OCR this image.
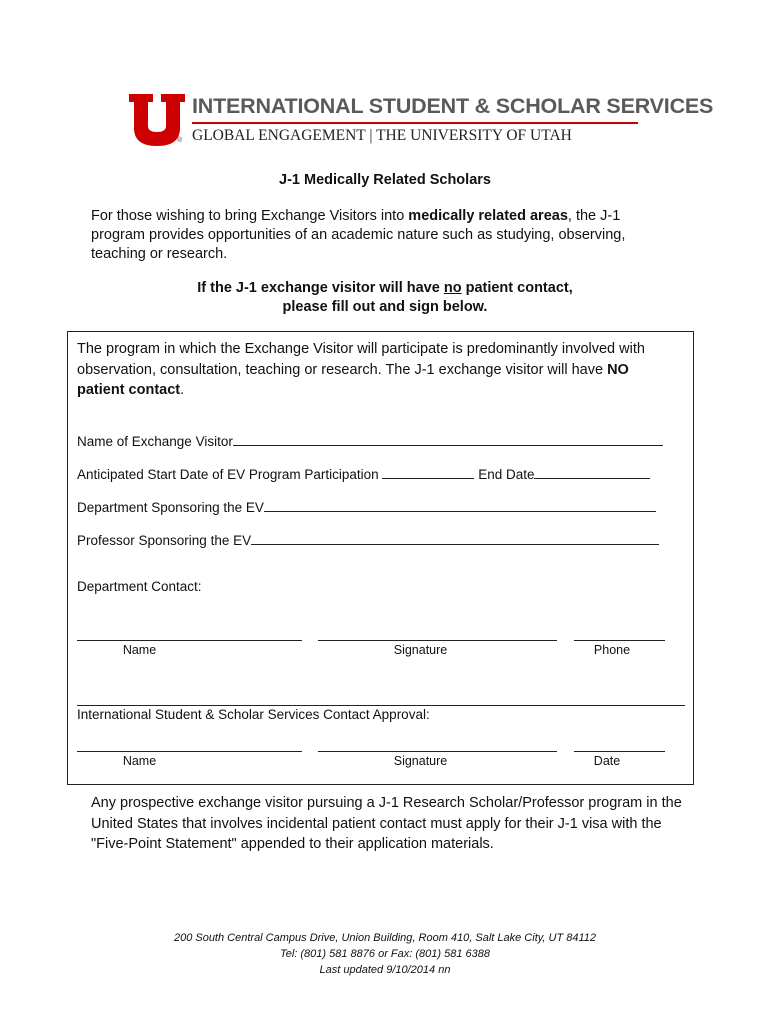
®
INTERNATIONAL STUDENT & SCHOLAR SERVICES
GLOBAL ENGAGEMENT | THE UNIVERSITY OF UTAH
J-1 Medically Related Scholars
For those wishing to bring Exchange Visitors into medically related areas, the J-1 program provides opportunities of an academic nature such as studying, observing, teaching or research.
If the J-1 exchange visitor will have no patient contact,
please fill out and sign below.
The program in which the Exchange Visitor will participate is predominantly involved with observation, consultation, teaching or research. The J-1 exchange visitor will have NO
patient contact.
Name of Exchange Visitor
Anticipated Start Date of EV Program Participation	End Date
Department Sponsoring the EV
Professor Sponsoring the EV
Department Contact:
Name	Signature	Phone
International Student & Scholar Services Contact Approval:
Name	Signature	Date
Any prospective exchange visitor pursuing a J-1 Research Scholar/Professor program in the United States that involves incidental patient contact must apply for their J-1 visa with the "Five-Point Statement" appended to their application materials.
200 South Central Campus Drive, Union Building, Room 410, Salt Lake City, UT 84112
Tel: (801) 581 8876 or Fax: (801) 581 6388
Last updated 9/10/2014 nn
